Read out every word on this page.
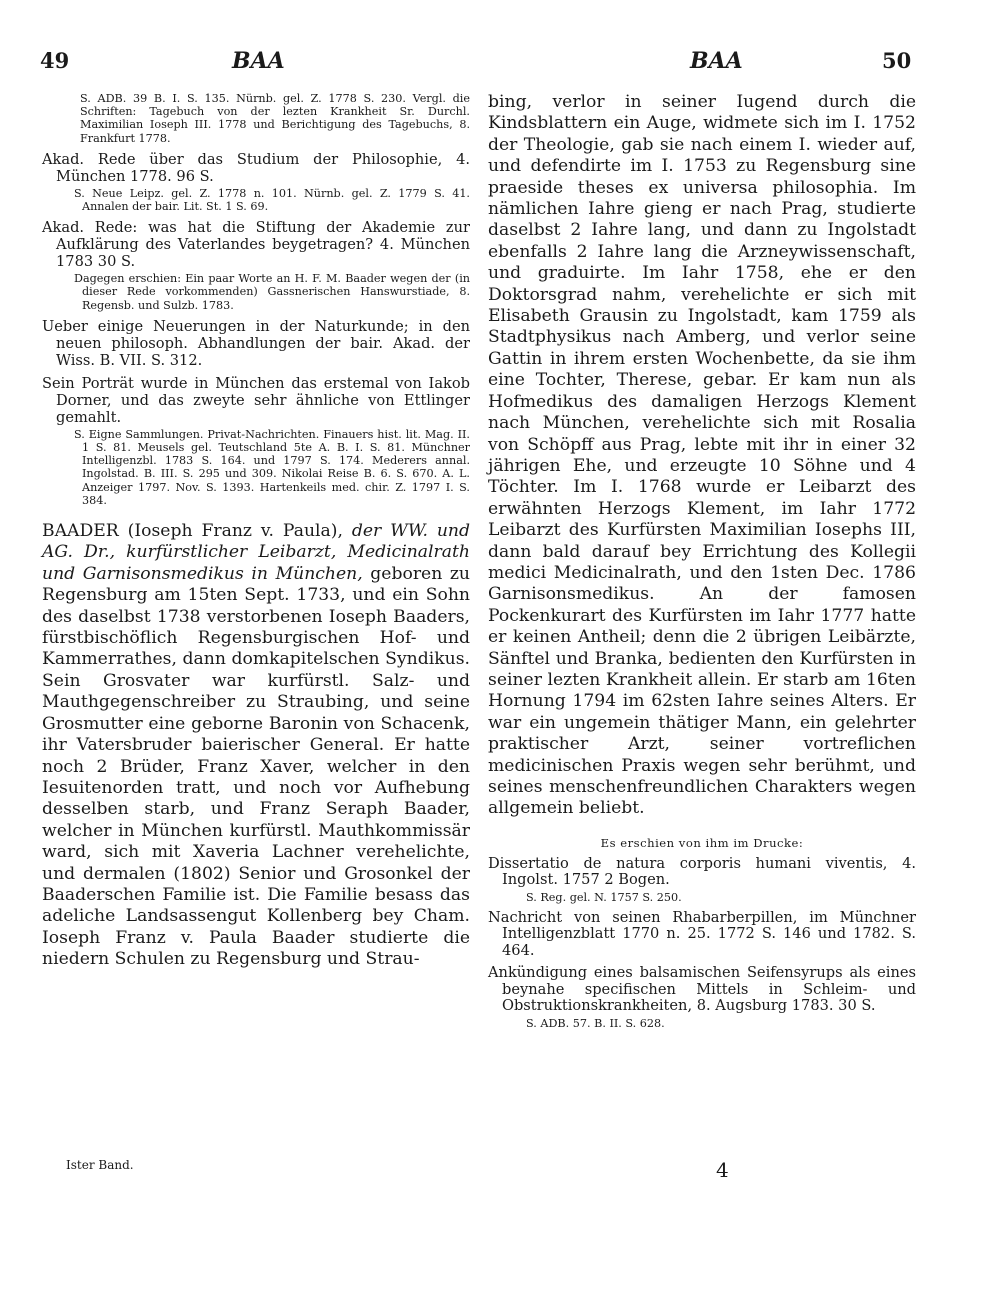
49	BAA	BAA	50

S. ADB. 39 B. I. S. 135. Nürnb. gel. Z. 1778 S. 230. Vergl. die Schriften: Tagebuch von der lezten Krankheit Sr. Durchl. Maximilian Ioseph III. 1778 und Berichtigung des Tagebuchs, 8. Frankfurt 1778.

Akad. Rede über das Studium der Philosophie, 4. München 1778. 96 S.

S. Neue Leipz. gel. Z. 1778 n. 101. Nürnb. gel. Z. 1779 S. 41. Annalen der bair. Lit. St. 1 S. 69.

Akad. Rede: was hat die Stiftung der Akademie zur Aufklärung des Vaterlandes beygetragen? 4. München 1783 30 S.

Dagegen erschien: Ein paar Worte an H. F. M. Baader wegen der (in dieser Rede vorkommenden) Gassnerischen Hanswurstiade, 8. Regensb. und Sulzb. 1783.

Ueber einige Neuerungen in der Naturkunde; in den neuen philosoph. Abhandlungen der bair. Akad. der Wiss. B. VII. S. 312.

Sein Porträt wurde in München das erstemal von Iakob Dorner, und das zweyte sehr ähnliche von Ettlinger gemahlt.

S. Eigne Sammlungen. Privat-Nachrichten. Finauers hist. lit. Mag. II. 1 S. 81. Meusels gel. Teutschland 5te A. B. I. S. 81. Münchner Intelligenzbl. 1783 S. 164. und 1797 S. 174. Mederers annal. Ingolstad. B. III. S. 295 und 309. Nikolai Reise B. 6. S. 670. A. L. Anzeiger 1797. Nov. S. 1393. Hartenkeils med. chir. Z. 1797 I. S. 384.

BAADER (Ioseph Franz v. Paula), der WW. und AG. Dr., kurfürstlicher Leibarzt, Medicinalrath und Garnisonsmedikus in München, geboren zu Regensburg am 15ten Sept. 1733, und ein Sohn des daselbst 1738 verstorbenen Ioseph Baaders, fürstbischöflich Regensburgischen Hof- und Kammerrathes, dann domkapitelschen Syndikus. Sein Grosvater war kurfürstl. Salz- und Mauthgegenschreiber zu Straubing, und seine Grosmutter eine geborne Baronin von Schacenk, ihr Vatersbruder baierischer General. Er hatte noch 2 Brüder, Franz Xaver, welcher in den Iesuitenorden tratt, und noch vor Aufhebung desselben starb, und Franz Seraph Baader, welcher in München kurfürstl. Mauthkommissär ward, sich mit Xaveria Lachner verehelichte, und dermalen (1802) Senior und Grosonkel der Baaderschen Familie ist. Die Familie besass das adeliche Landsassengut Kollenberg bey Cham. Ioseph Franz v. Paula Baader studierte die niedern Schulen zu Regensburg und Strau-

Ister Band.

bing, verlor in seiner Iugend durch die Kindsblattern ein Auge, widmete sich im I. 1752 der Theologie, gab sie nach einem I. wieder auf, und defendirte im I. 1753 zu Regensburg sine praeside theses ex universa philosophia. Im nämlichen Iahre gieng er nach Prag, studierte daselbst 2 Iahre lang, und dann zu Ingolstadt ebenfalls 2 Iahre lang die Arzneywissenschaft, und graduirte. Im Iahr 1758, ehe er den Doktorsgrad nahm, verehelichte er sich mit Elisabeth Grausin zu Ingolstadt, kam 1759 als Stadtphysikus nach Amberg, und verlor seine Gattin in ihrem ersten Wochenbette, da sie ihm eine Tochter, Therese, gebar. Er kam nun als Hofmedikus des damaligen Herzogs Klement nach München, verehelichte sich mit Rosalia von Schöpff aus Prag, lebte mit ihr in einer 32 jährigen Ehe, und erzeugte 10 Söhne und 4 Töchter. Im I. 1768 wurde er Leibarzt des erwähnten Herzogs Klement, im Iahr 1772 Leibarzt des Kurfürsten Maximilian Iosephs III, dann bald darauf bey Errichtung des Kollegii medici Medicinalrath, und den 1sten Dec. 1786 Garnisonsmedikus. An der famosen Pockenkurart des Kurfürsten im Iahr 1777 hatte er keinen Antheil; denn die 2 übrigen Leibärzte, Sänftel und Branka, bedienten den Kurfürsten in seiner lezten Krankheit allein. Er starb am 16ten Hornung 1794 im 62sten Iahre seines Alters. Er war ein ungemein thätiger Mann, ein gelehrter praktischer Arzt, seiner vortreflichen medicinischen Praxis wegen sehr berühmt, und seines menschenfreundlichen Charakters wegen allgemein beliebt.

Es erschien von ihm im Drucke:

Dissertatio de natura corporis humani viventis, 4. Ingolst. 1757 2 Bogen.

S. Reg. gel. N. 1757 S. 250.

Nachricht von seinen Rhabarberpillen, im Münchner Intelligenzblatt 1770 n. 25. 1772 S. 146 und 1782. S. 464.

Ankündigung eines balsamischen Seifensyrups als eines beynahe specifischen Mittels in Schleim- und Obstruktionskrankheiten, 8. Augsburg 1783. 30 S.

S. ADB. 57. B. II. S. 628.

4
